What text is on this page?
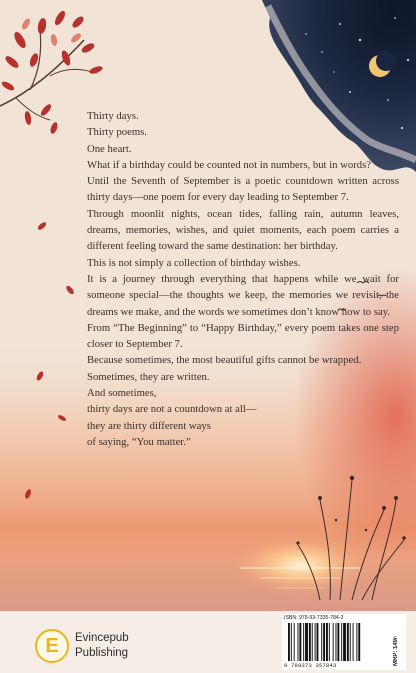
Thirty days.

Thirty poems.

One heart.

What if a birthday could be counted not in numbers, but in words?

Until the Seventh of September is a poetic countdown written across thirty days—one poem for every day leading to September 7.

Through moonlit nights, ocean tides, falling rain, autumn leaves, dreams, memories, wishes, and quiet moments, each poem carries a different feeling toward the same destination: her birthday.

This is not simply a collection of birthday wishes.

It is a journey through everything that happens while we wait for someone special—the thoughts we keep, the memories we revisit, the dreams we make, and the words we sometimes don’t know how to say.

From “The Beginning” to “Happy Birthday,” every poem takes one step closer to September 7.

Because sometimes, the most beautiful gifts cannot be wrapped.

Sometimes, they are written.

And sometimes,

thirty days are not a countdown at all—

they are thirty different ways

of saying, “You matter.”

E	Evincepub
Publishing
ISBN: 978-93-7335-784-3
MRP: 149/-
9 789373 357843
